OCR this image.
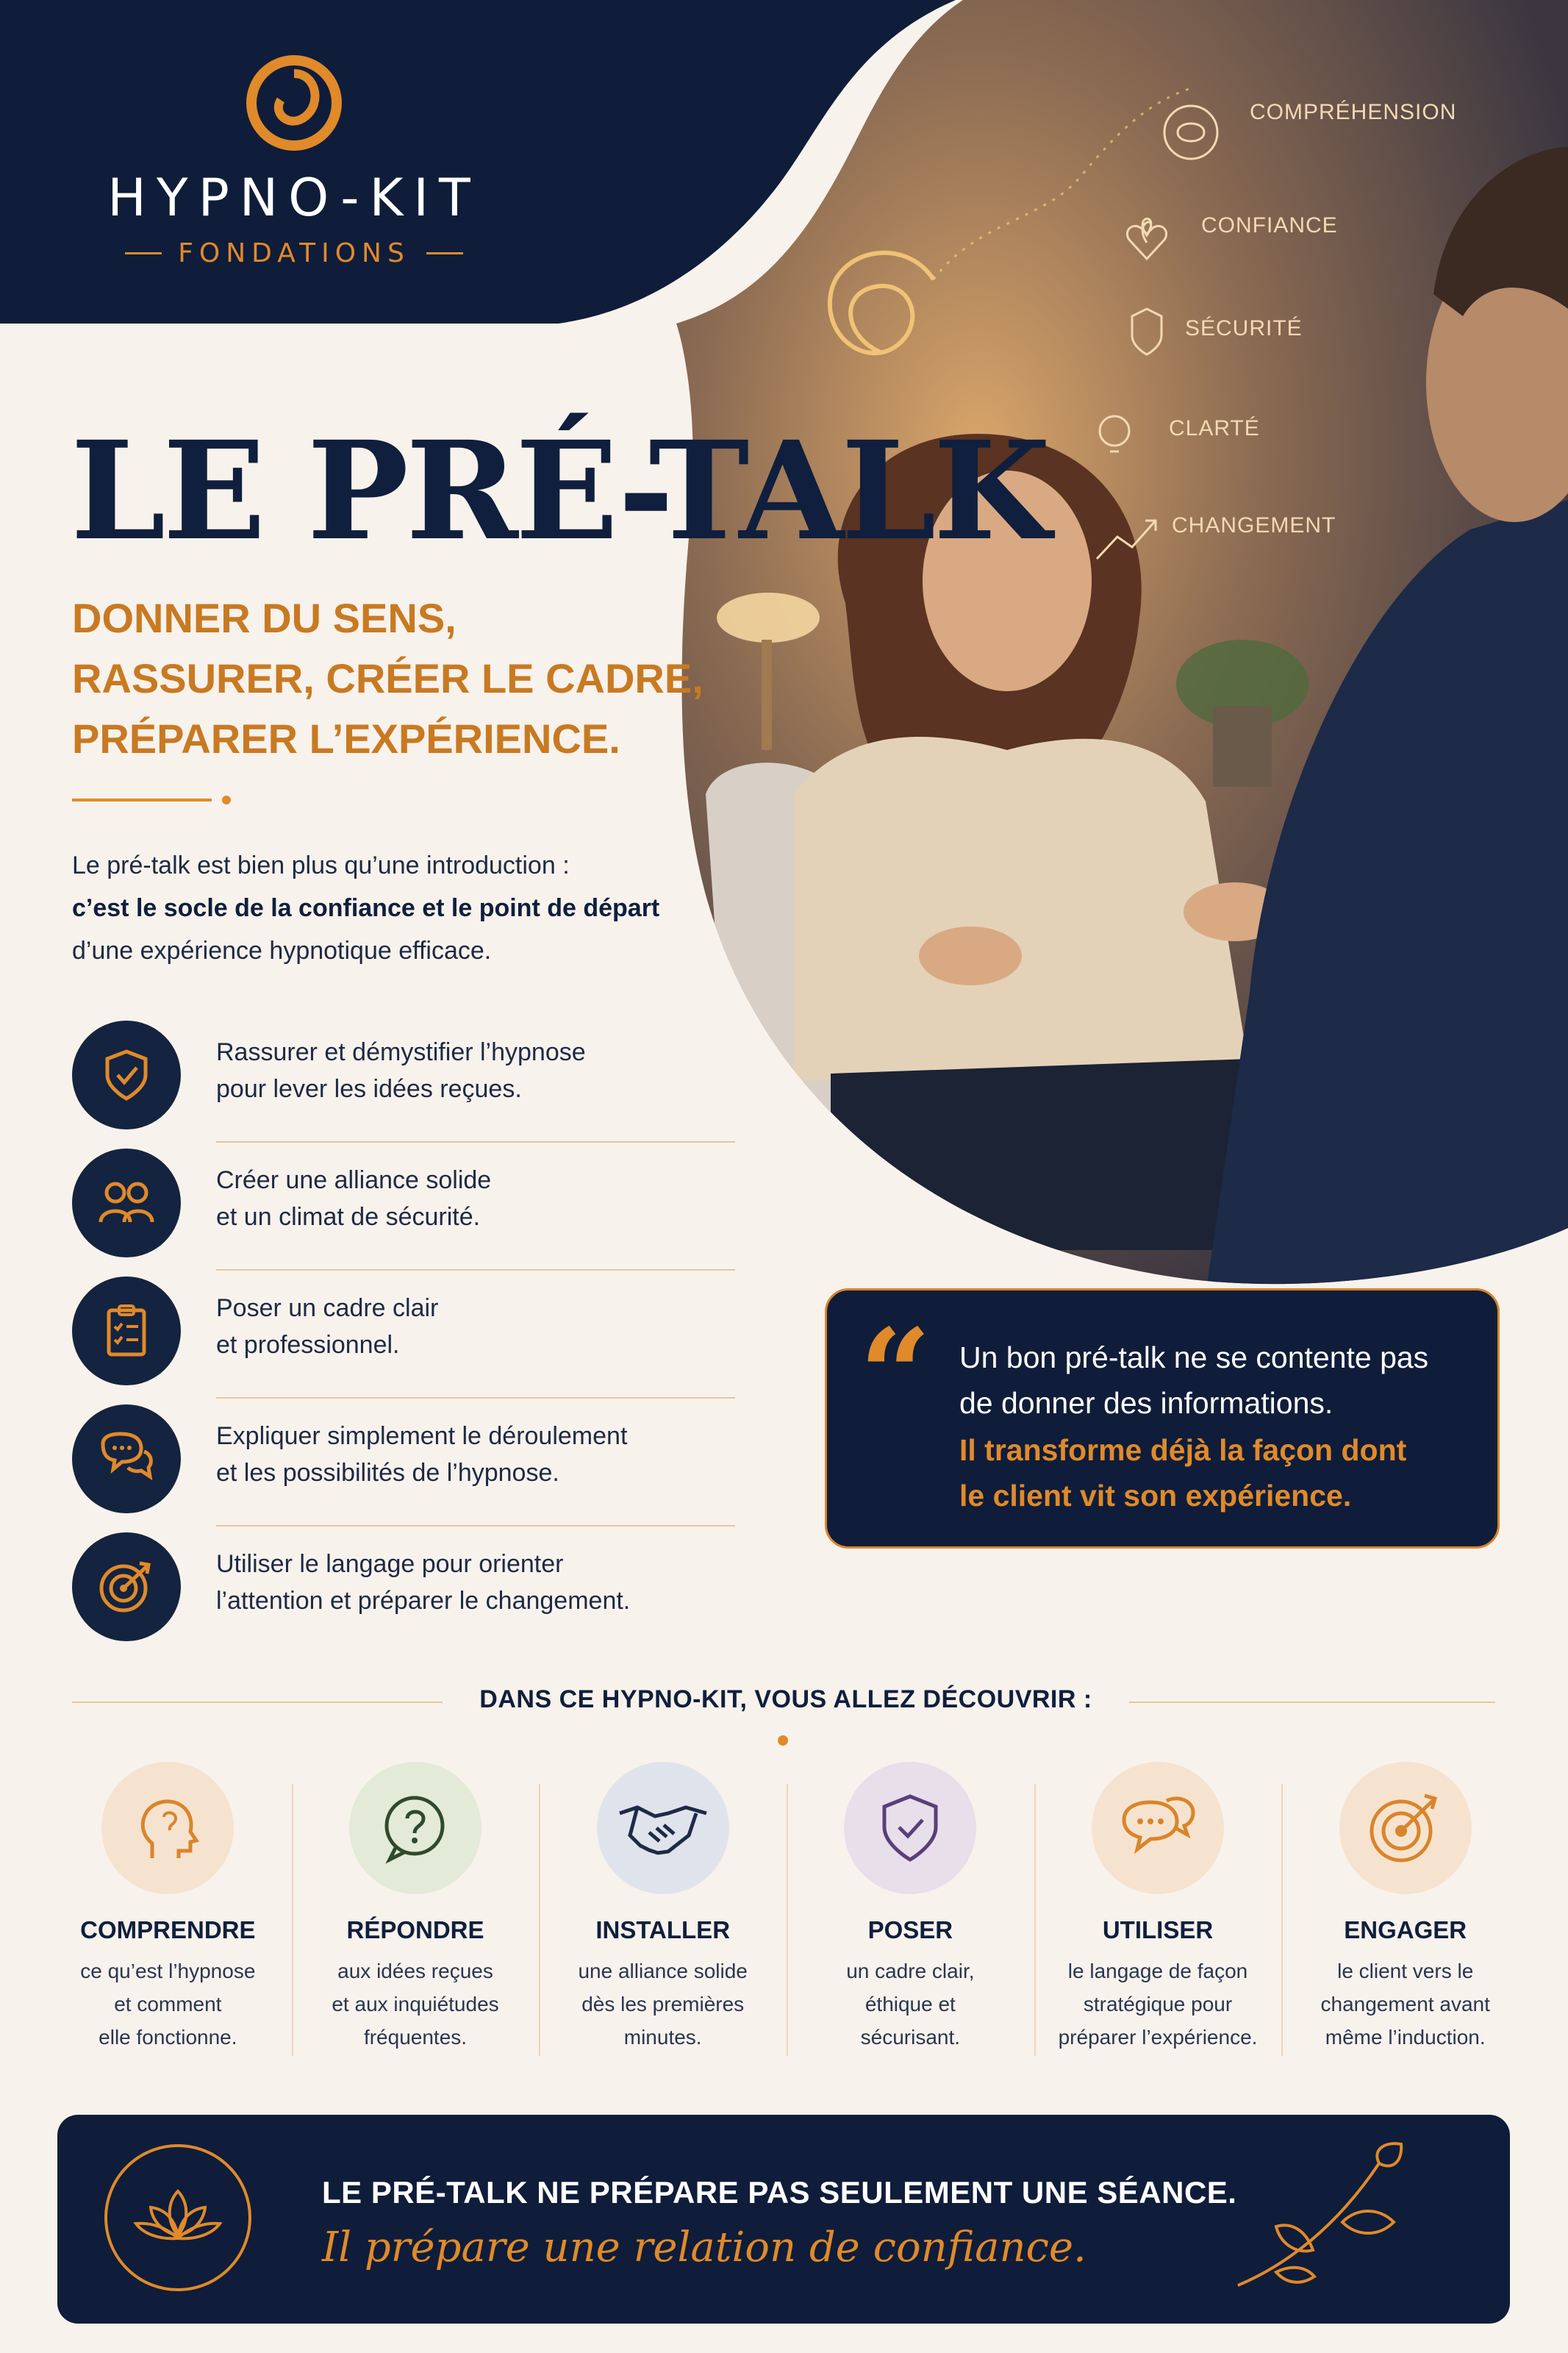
COMPRÉHENSION
CONFIANCE
SÉCURITÉ
CLARTÉ
CHANGEMENT
HYPNO-KIT
FONDATIONS
LE PRÉ-TALK
DONNER DU SENS,
RASSURER, CRÉER LE CADRE,
PRÉPARER L’EXPÉRIENCE.
Le pré-talk est bien plus qu’une introduction :
c’est le socle de la confiance et le point de départ
d’une expérience hypnotique efficace.
Rassurer et démystifier l’hypnose
pour lever les idées reçues.
Créer une alliance solide
et un climat de sécurité.
Poser un cadre clair
et professionnel.
Expliquer simplement le déroulement
et les possibilités de l’hypnose.
Utiliser le langage pour orienter
l’attention et préparer le changement.
“ Un bon pré-talk ne se contente pas
de donner des informations.
Il transforme déjà la façon dont
le client vit son expérience.
DANS CE HYPNO-KIT, VOUS ALLEZ DÉCOUVRIR :
COMPRENDRE
ce qu’est l’hypnose
et comment
elle fonctionne.
RÉPONDRE
aux idées reçues
et aux inquiétudes
fréquentes.
INSTALLER
une alliance solide
dès les premières
minutes.
POSER
un cadre clair,
éthique et
sécurisant.
UTILISER
le langage de façon
stratégique pour
préparer l’expérience.
ENGAGER
le client vers le
changement avant
même l’induction.
LE PRÉ-TALK NE PRÉPARE PAS SEULEMENT UNE SÉANCE.
Il prépare une relation de confiance.
